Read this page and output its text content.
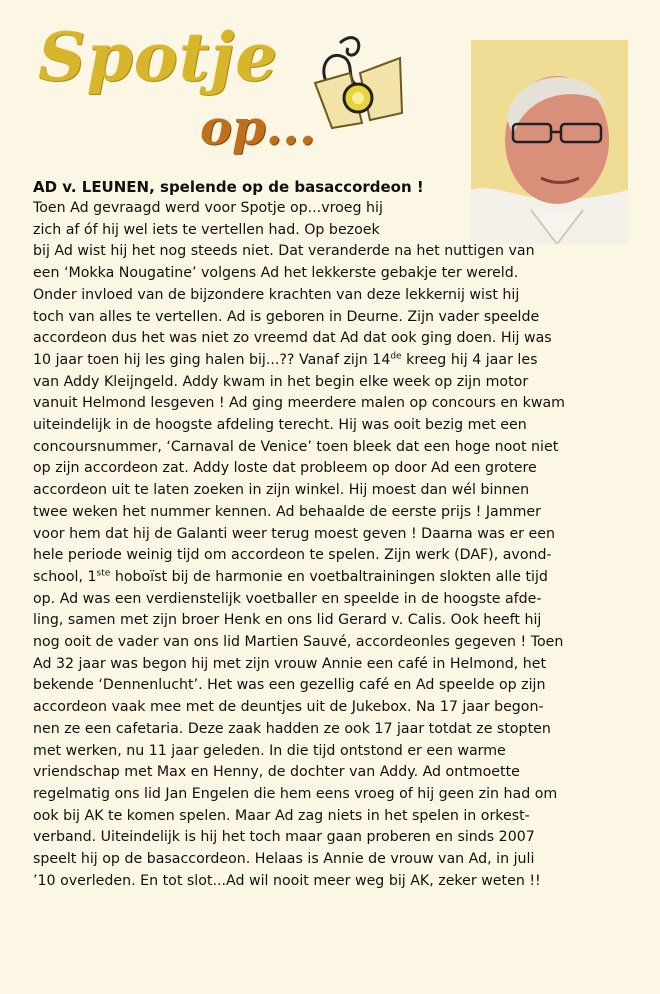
Spotje
op...
AD v. LEUNEN, spelende op de basaccordeon !
Toen Ad gevraagd werd voor Spotje op...vroeg hij
zich af óf hij wel iets te vertellen had. Op bezoek
bij Ad wist hij het nog steeds niet. Dat veranderde na het nuttigen van
een ‘Mokka Nougatine’ volgens Ad het lekkerste gebakje ter wereld.
Onder invloed van de bijzondere krachten van deze lekkernij wist hij
toch van alles te vertellen. Ad is geboren in Deurne. Zijn vader speelde
accordeon dus het was niet zo vreemd dat Ad dat ook ging doen. Hij was
10 jaar toen hij les ging halen bij...?? Vanaf zijn 14de kreeg hij 4 jaar les
van Addy Kleijngeld. Addy kwam in het begin elke week op zijn motor
vanuit Helmond lesgeven ! Ad ging meerdere malen op concours en kwam
uiteindelijk in de hoogste afdeling terecht. Hij was ooit bezig met een
concoursnummer, ‘Carnaval de Venice’ toen bleek dat een hoge noot niet
op zijn accordeon zat. Addy loste dat probleem op door Ad een grotere
accordeon uit te laten zoeken in zijn winkel. Hij moest dan wél binnen
twee weken het nummer kennen. Ad behaalde de eerste prijs ! Jammer
voor hem dat hij de Galanti weer terug moest geven ! Daarna was er een
hele periode weinig tijd om accordeon te spelen. Zijn werk (DAF), avond-
school, 1ste hoboïst bij de harmonie en voetbaltrainingen slokten alle tijd
op. Ad was een verdienstelijk voetballer en speelde in de hoogste afde-
ling, samen met zijn broer Henk en ons lid Gerard v. Calis. Ook heeft hij
nog ooit de vader van ons lid Martien Sauvé, accordeonles gegeven ! Toen
Ad 32 jaar was begon hij met zijn vrouw Annie een café in Helmond, het
bekende ‘Dennenlucht’. Het was een gezellig café en Ad speelde op zijn
accordeon vaak mee met de deuntjes uit de Jukebox. Na 17 jaar begon-
nen ze een cafetaria. Deze zaak hadden ze ook 17 jaar totdat ze stopten
met werken, nu 11 jaar geleden. In die tijd ontstond er een warme
vriendschap met Max en Henny, de dochter van Addy. Ad ontmoette
regelmatig ons lid Jan Engelen die hem eens vroeg of hij geen zin had om
ook bij AK te komen spelen. Maar Ad zag niets in het spelen in orkest-
verband. Uiteindelijk is hij het toch maar gaan proberen en sinds 2007
speelt hij op de basaccordeon. Helaas is Annie de vrouw van Ad, in juli
’10 overleden. En tot slot...Ad wil nooit meer weg bij AK, zeker weten !!
